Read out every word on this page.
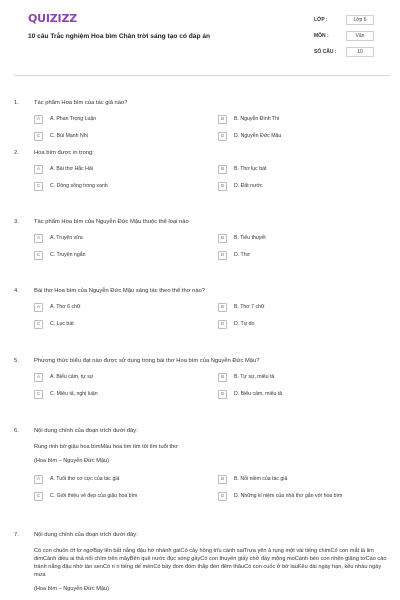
QUIZIZZ
10 câu Trắc nghiệm Hoa bìm Chân trời sáng tạo có đáp án
LỚP :	Lớp 6
MÔN :	Văn
SỐ CÂU :	10
1.	Tác phẩm Hoa bìm của tác giả nào?
A	A. Phan Trọng Luận	B	B. Nguyễn Đình Thi
C	C. Bùi Mạnh Nhị	D	D. Nguyễn Đức Mậu
2.	Hoa bìm được in trong:
A	A. Bài thơ Hắc Hải	B	B. Thơ lục bát
C	C. Dòng sông trong xanh	D	D. Đất nước
3.	Tác phẩm Hoa bìm của Nguyễn Đức Mậu thuộc thể loại nào
A	A. Truyện vừa	B	B. Tiểu thuyết
C	C. Truyện ngắn	D	D. Thơ
4.	Bài thơ Hoa bìm của Nguyễn Đức Mậu sáng tác theo thể thơ nào?
A	A. Thơ 6 chữ	B	B. Thơ 7 chữ
C	C. Lục bát	D	D. Tự do
5.	Phương thức biểu đạt nào được sử dụng trong bài thơ Hoa bìm của Nguyễn Đức Mậu?
A	A. Biểu cảm, tự sự	B	B. Tự sự, miêu tả
C	C. Miêu tả, nghị luận	D	D. Biểu cảm, miêu tả
6.	Nội dung chính của đoạn trích dưới đây:
Rung rinh bờ giậu hoa bìmMàu hoa tim tím tôi tìm tuổi thơ
(Hoa bìm – Nguyễn Đức Mậu)
A	A. Tuổi thơ cơ cực của tác giả	B	B. Nỗi niềm của tác giả
C	C. Giới thiệu vẻ đẹp của giậu hoa bìm	D	D. Những kỉ niệm của nhà thơ gắn với hoa bìm
7.	Nội dung chính của đoạn trích dưới đây:
Có con chuồn ớt lơ ngơBay lên bất nắng đậu hờ nhành gaiCó cây hồng trĩu cành saiTrưa yên ả rụng một vài tiếng chimCó con mắt lá lim dimCánh diều ai thả nổi chìm trên mâyBên quê nước đục sóng gầyCó con thuyền giấy chở đầy mộng moCánh bèo con nhện giăng tơCào cào tránh nắng đậu nhờ tàn senCó ri ri tiếng dế mènCó bầy đom đóm thắp đèn đêm thâuCó con cuốc ở bờ lauKêu dài ngày hạn, kêu nhàu ngày mưa
(Hoa bìm – Nguyễn Đức Mậu)
